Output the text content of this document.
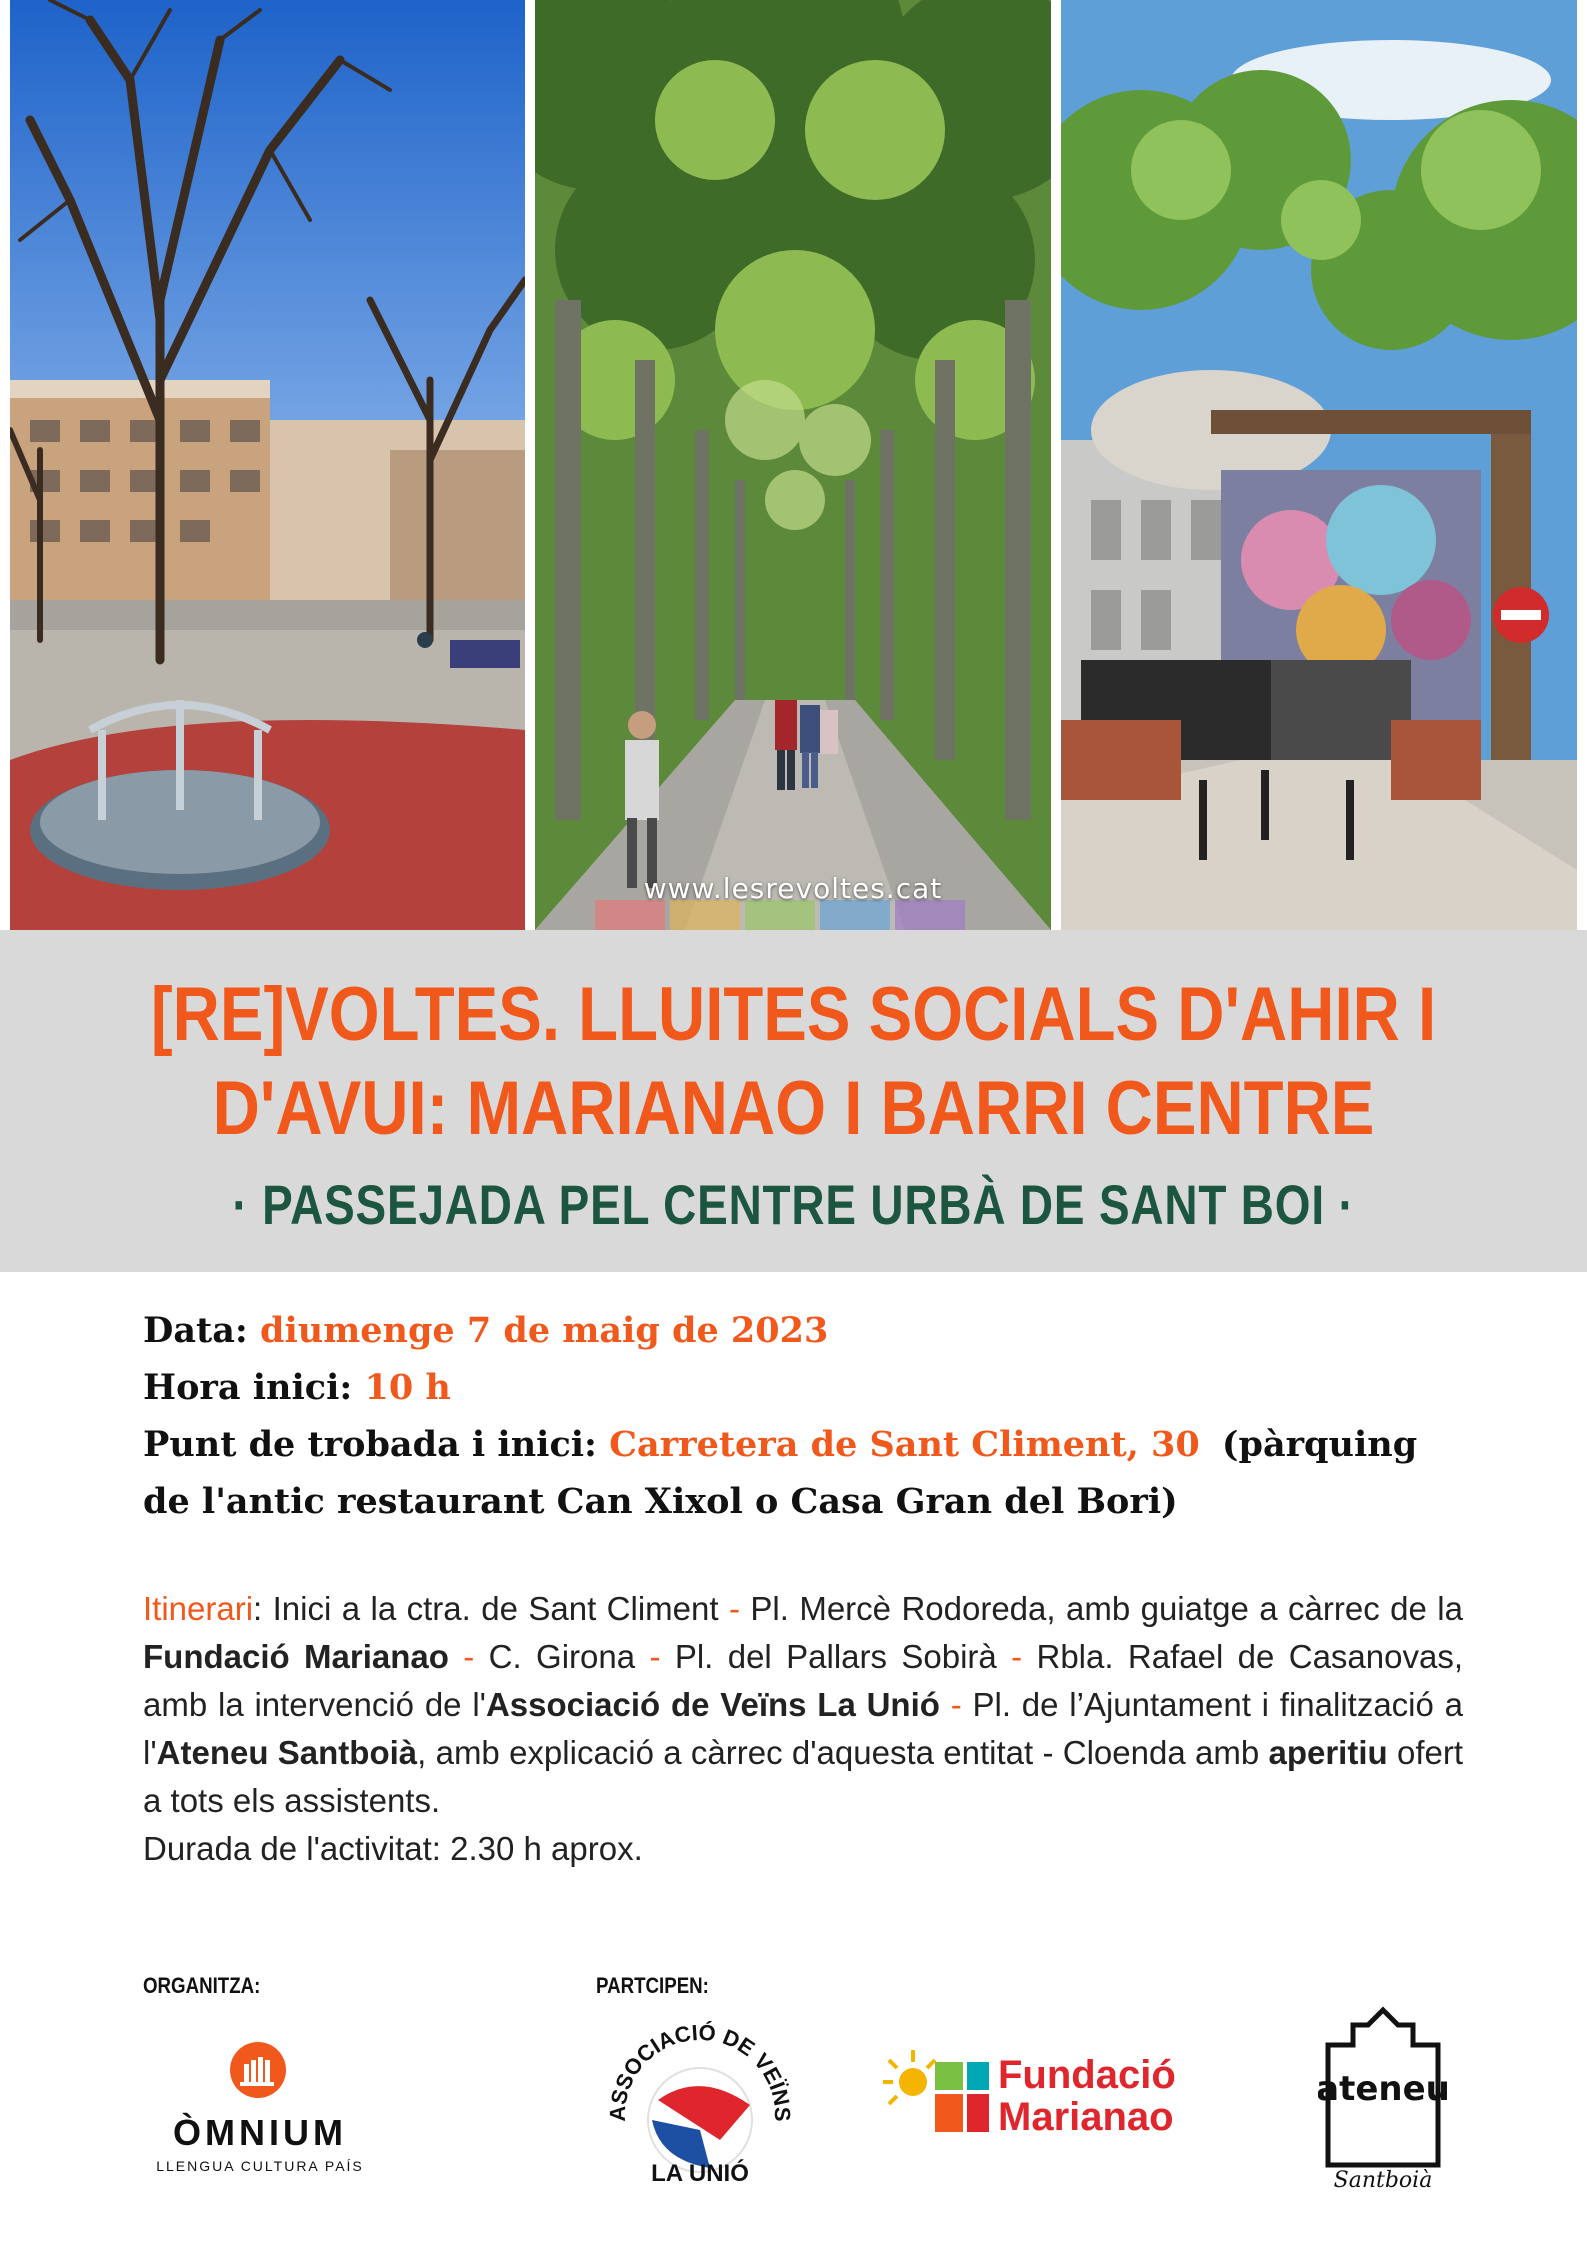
www.lesrevoltes.cat
[RE]VOLTES. LLUITES SOCIALS D'AHIR I
D'AVUI: MARIANAO I BARRI CENTRE
· PASSEJADA PEL CENTRE URBÀ DE SANT BOI ·
Data: diumenge 7 de maig de 2023
Hora inici: 10 h
Punt de trobada i inici: Carretera de Sant Climent, 30 (pàrquing
de l'antic restaurant Can Xixol o Casa Gran del Bori)
Itinerari: Inici a la ctra. de Sant Climent - Pl. Mercè Rodoreda, amb guiatge a càrrec de la Fundació Marianao - C. Girona - Pl. del Pallars Sobirà - Rbla. Rafael de Casanovas, amb la intervenció de l'Associació de Veïns La Unió - Pl. de l’Ajuntament i finalització a l'Ateneu Santboià, amb explicació a càrrec d'aquesta entitat - Cloenda amb aperitiu ofert a tots els assistents.
Durada de l'activitat: 2.30 h aprox.
ORGANITZA:	PARTCIPEN:
ÒMNIUM
LLENGUA CULTURA PAÍS
ASSOCIACIÓ DE VEÏNS
LA UNIÓ
Fundació
Marianao
ateneu
Santboià
